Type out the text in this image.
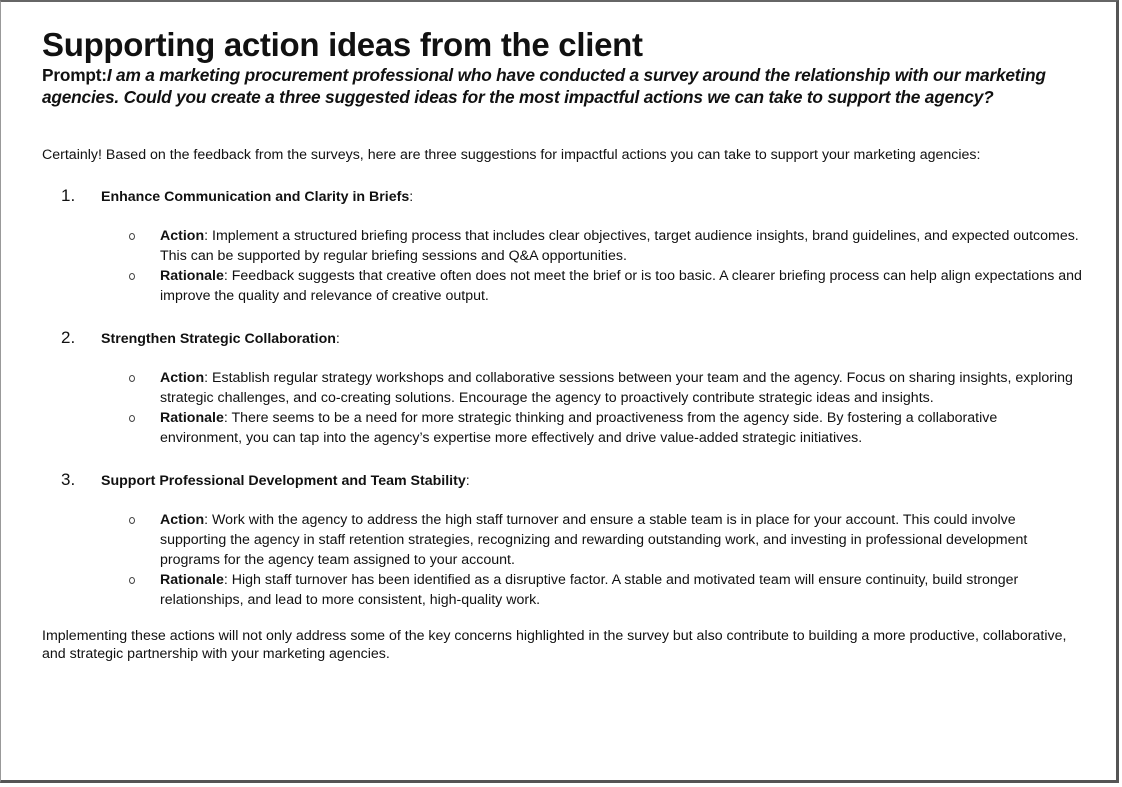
Supporting action ideas from the client

Prompt:I am a marketing procurement professional who have conducted a survey around the relationship with our marketing agencies. Could you create a three suggested ideas for the most impactful actions we can take to support the agency?

Certainly! Based on the feedback from the surveys, here are three suggestions for impactful actions you can take to support your marketing agencies:

1.	Enhance Communication and Clarity in Briefs:
Action: Implement a structured briefing process that includes clear objectives, target audience insights, brand guidelines, and expected outcomes. This can be supported by regular briefing sessions and Q&A opportunities.
Rationale: Feedback suggests that creative often does not meet the brief or is too basic. A clearer briefing process can help align expectations and improve the quality and relevance of creative output.
2.	Strengthen Strategic Collaboration:
Action: Establish regular strategy workshops and collaborative sessions between your team and the agency. Focus on sharing insights, exploring strategic challenges, and co-creating solutions. Encourage the agency to proactively contribute strategic ideas and insights.
Rationale: There seems to be a need for more strategic thinking and proactiveness from the agency side. By fostering a collaborative environment, you can tap into the agency’s expertise more effectively and drive value-added strategic initiatives.
3.	Support Professional Development and Team Stability:
Action: Work with the agency to address the high staff turnover and ensure a stable team is in place for your account. This could involve supporting the agency in staff retention strategies, recognizing and rewarding outstanding work, and investing in professional development programs for the agency team assigned to your account.
Rationale: High staff turnover has been identified as a disruptive factor. A stable and motivated team will ensure continuity, build stronger relationships, and lead to more consistent, high-quality work.

Implementing these actions will not only address some of the key concerns highlighted in the survey but also contribute to building a more productive, collaborative, and strategic partnership with your marketing agencies.
